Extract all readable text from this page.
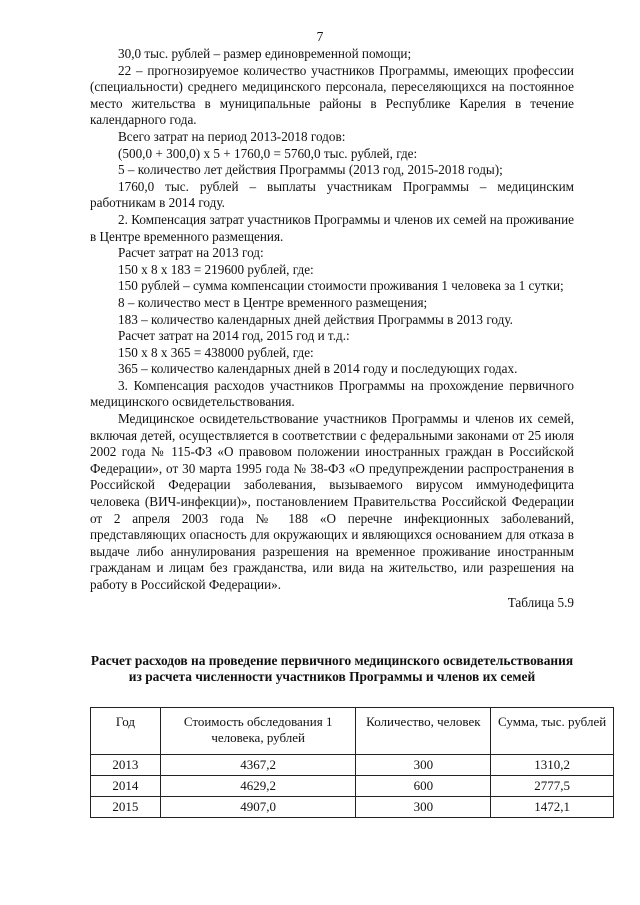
7

30,0 тыс. рублей – размер единовременной помощи;

22 – прогнозируемое количество участников Программы, имеющих профессии (специальности) среднего медицинского персонала, переселяющихся на постоянное место жительства в муниципальные районы в Республике Карелия в течение календарного года.

Всего затрат на период 2013-2018 годов:

(500,0 + 300,0) х 5 + 1760,0 = 5760,0 тыс. рублей, где:

5 – количество лет действия Программы (2013 год, 2015-2018 годы);

1760,0 тыс. рублей – выплаты участникам Программы – медицинским работникам в 2014 году.

2. Компенсация затрат участников Программы и членов их семей на проживание в Центре временного размещения.

Расчет затрат на 2013 год:

150 х 8 х 183 = 219600 рублей, где:

150 рублей – сумма компенсации стоимости проживания 1 человека за 1 сутки;

8 – количество мест в Центре временного размещения;

183 – количество календарных дней действия Программы в 2013 году.

Расчет затрат на 2014 год, 2015 год и т.д.:

150 х 8 х 365 = 438000 рублей, где:

365 – количество календарных дней в 2014 году и последующих годах.

3. Компенсация расходов участников Программы на прохождение первичного медицинского освидетельствования.

Медицинское освидетельствование участников Программы и членов их семей, включая детей, осуществляется в соответствии с федеральными законами от 25 июля 2002 года № 115-ФЗ «О правовом положении иностранных граждан в Российской Федерации», от 30 марта 1995 года № 38-ФЗ «О предупреждении распространения в Российской Федерации заболевания, вызываемого вирусом иммунодефицита человека (ВИЧ-инфекции)», постановлением Правительства Российской Федерации от 2 апреля 2003 года № 188 «О перечне инфекционных заболеваний, представляющих опасность для окружающих и являющихся основанием для отказа в выдаче либо аннулирования разрешения на временное проживание иностранным гражданам и лицам без гражданства, или вида на жительство, или разрешения на работу в Российской Федерации».

Таблица 5.9

Расчет расходов на проведение первичного медицинского освидетельствования из расчета численности участников Программы и членов их семей
Год	Стоимость обследования 1 человека, рублей	Количество, человек	Сумма, тыс. рублей
2013	4367,2	300	1310,2
2014	4629,2	600	2777,5
2015	4907,0	300	1472,1
